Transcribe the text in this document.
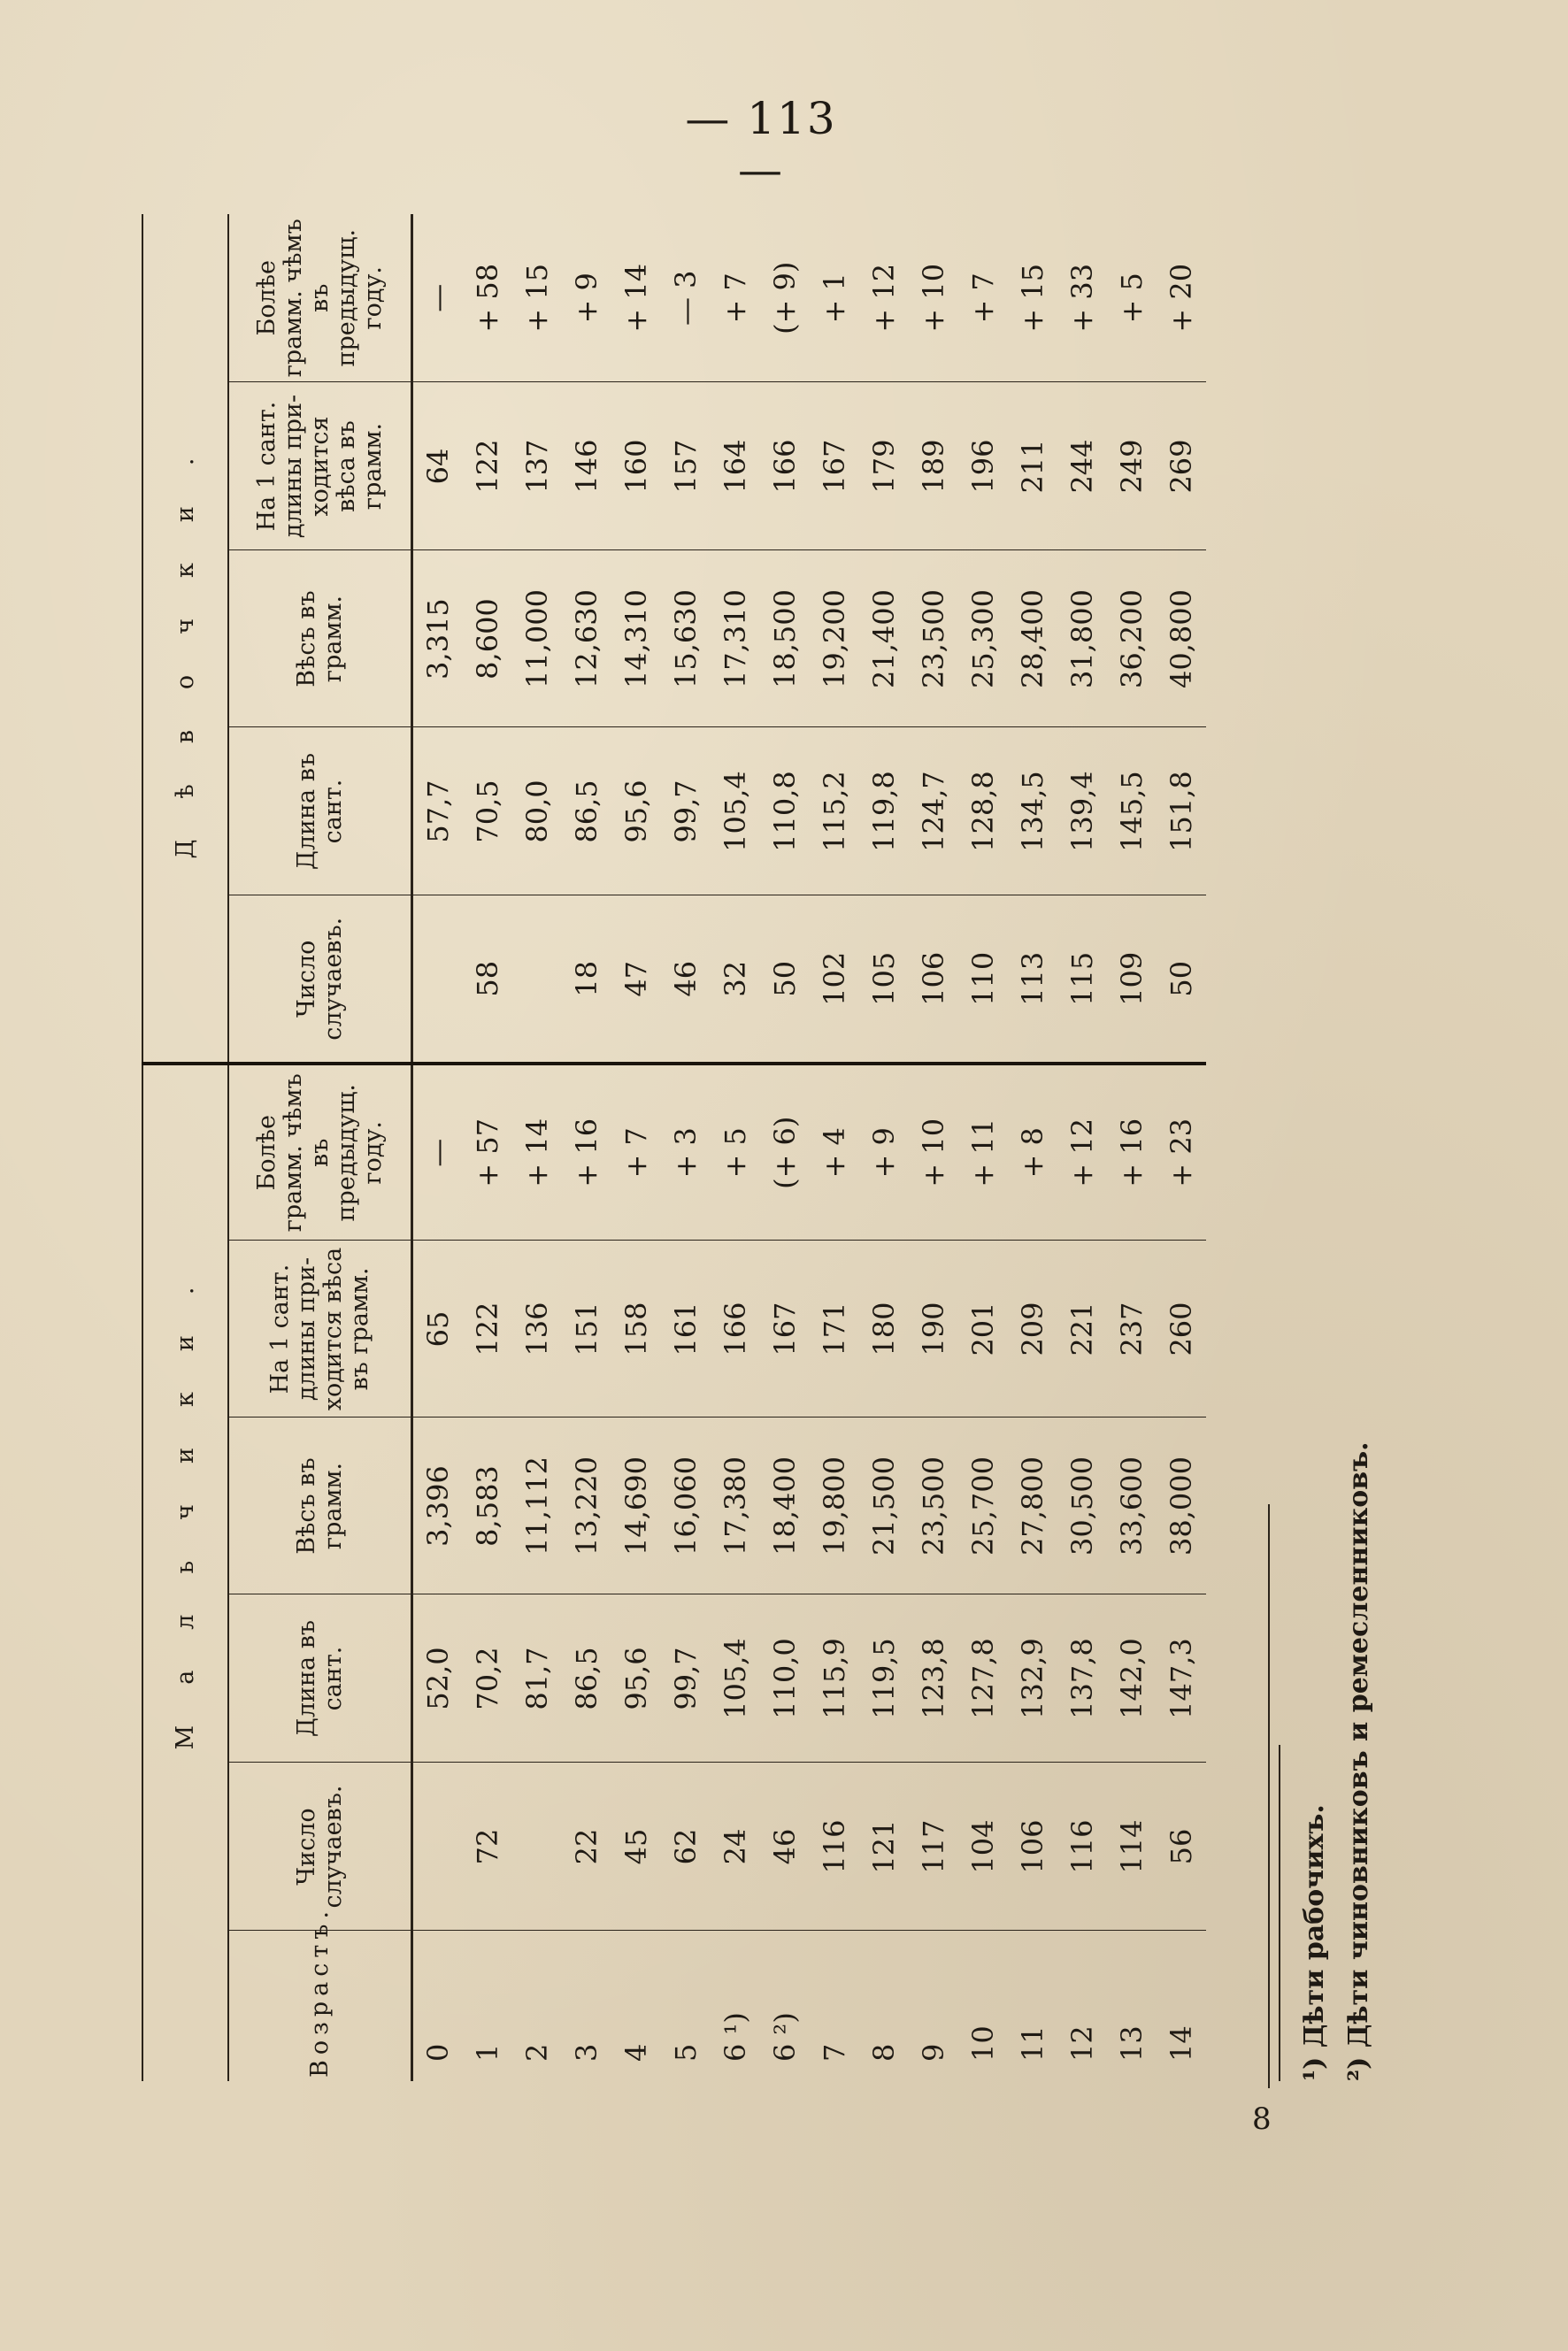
— 113 —
8
	Мальчики.					Дѣвочки.				
Возрастъ.	Число случаевъ.	Длина въ сант.	Вѣсъ въ грамм.	На 1 сант. длины при-ходится вѣса въ грамм.	Болѣе грамм. чѣмъ въ предыдущ. году.	Число случаевъ.	Длина въ сант.	Вѣсъ въ грамм.	На 1 сант. длины при-ходится вѣса въ грамм.	Болѣе грамм. чѣмъ въ предыдущ. году.
0		52,0	3,396	65	—		57,7	3,315	64	—
1	72	70,2	8,583	122	+ 57	58	70,5	8,600	122	+ 58
2		81,7	11,112	136	+ 14		80,0	11,000	137	+ 15
3	22	86,5	13,220	151	+ 16	18	86,5	12,630	146	+ 9
4	45	95,6	14,690	158	+ 7	47	95,6	14,310	160	+ 14
5	62	99,7	16,060	161	+ 3	46	99,7	15,630	157	— 3
6 ¹)	24	105,4	17,380	166	+ 5	32	105,4	17,310	164	+ 7
6 ²)	46	110,0	18,400	167	(+ 6)	50	110,8	18,500	166	(+ 9)
7	116	115,9	19,800	171	+ 4	102	115,2	19,200	167	+ 1
8	121	119,5	21,500	180	+ 9	105	119,8	21,400	179	+ 12
9	117	123,8	23,500	190	+ 10	106	124,7	23,500	189	+ 10
10	104	127,8	25,700	201	+ 11	110	128,8	25,300	196	+ 7
11	106	132,9	27,800	209	+ 8	113	134,5	28,400	211	+ 15
12	116	137,8	30,500	221	+ 12	115	139,4	31,800	244	+ 33
13	114	142,0	33,600	237	+ 16	109	145,5	36,200	249	+ 5
14	56	147,3	38,000	260	+ 23	50	151,8	40,800	269	+ 20
¹) Дѣти рабочихъ. ²) Дѣти чиновниковъ и ремесленниковъ.
